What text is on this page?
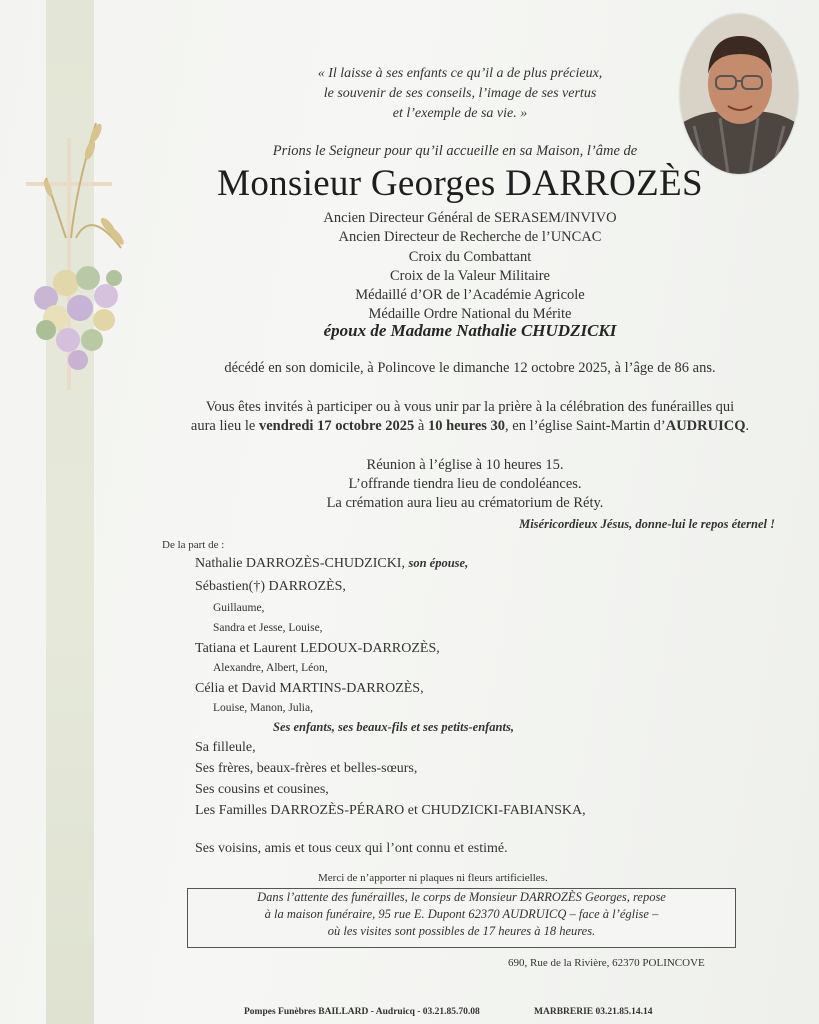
« Il laisse à ses enfants ce qu’il a de plus précieux,
le souvenir de ses conseils, l’image de ses vertus
et l’exemple de sa vie. »
Prions le Seigneur pour qu’il accueille en sa Maison, l’âme de
Monsieur Georges DARROZÈS
Ancien Directeur Général de SERASEM/INVIVO
Ancien Directeur de Recherche de l’UNCAC
Croix du Combattant
Croix de la Valeur Militaire
Médaillé d’OR de l’Académie Agricole
Médaille Ordre National du Mérite
époux de Madame Nathalie CHUDZICKI
décédé en son domicile, à Polincove le dimanche 12 octobre 2025, à l’âge de 86 ans.
Vous êtes invités à participer ou à vous unir par la prière à la célébration des funérailles qui
aura lieu le vendredi 17 octobre 2025 à 10 heures 30, en l’église Saint-Martin d’AUDRUICQ.
Réunion à l’église à 10 heures 15.
L’offrande tiendra lieu de condoléances.
La crémation aura lieu au crématorium de Réty.
Miséricordieux Jésus, donne-lui le repos éternel !
De la part de :
Nathalie DARROZÈS-CHUDZICKI, son épouse,
Sébastien(†) DARROZÈS,
Guillaume,
Sandra et Jesse, Louise,
Tatiana et Laurent LEDOUX-DARROZÈS,
Alexandre, Albert, Léon,
Célia et David MARTINS-DARROZÈS,
Louise, Manon, Julia,
Ses enfants, ses beaux-fils et ses petits-enfants,
Sa filleule,
Ses frères, beaux-frères et belles-sœurs,
Ses cousins et cousines,
Les Familles DARROZÈS-PÉRARO et CHUDZICKI-FABIANSKA,
Ses voisins, amis et tous ceux qui l’ont connu et estimé.
Merci de n’apporter ni plaques ni fleurs artificielles.
Dans l’attente des funérailles, le corps de Monsieur DARROZÈS Georges, repose
à la maison funéraire, 95 rue E. Dupont 62370 AUDRUICQ – face à l’église –
où les visites sont possibles de 17 heures à 18 heures.
690, Rue de la Rivière, 62370 POLINCOVE
Pompes Funèbres BAILLARD - Audruicq - 03.21.85.70.08	MARBRERIE 03.21.85.14.14
